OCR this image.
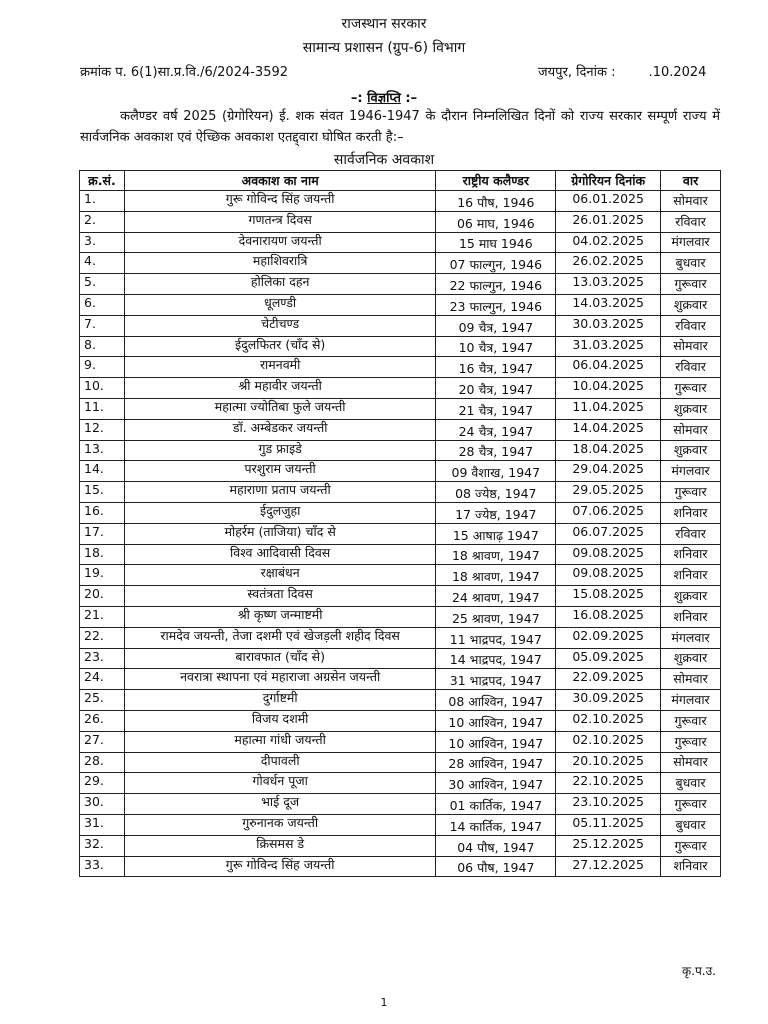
राजस्थान सरकार
सामान्य प्रशासन (ग्रुप-6) विभाग
क्रमांक प. 6(1)सा.प्र.वि./6/2024-3592	जयपुर, दिनांक :        .10.2024
–: विज्ञप्ति :–
कलैण्डर वर्ष 2025 (ग्रेगोरियन) ई. शक संवत 1946-1947 के दौरान निम्नलिखित दिनों को राज्य सरकार सम्पूर्ण राज्य में सार्वजनिक अवकाश एवं ऐच्छिक अवकाश एतद्द्वारा घोषित करती है:–
सार्वजनिक अवकाश
क्र.सं.	अवकाश का नाम	राष्ट्रीय कलैण्डर	ग्रेगोरियन दिनांक	वार
1.	गुरू गोविन्द सिंह जयन्ती	16 पौष, 1946	06.01.2025	सोमवार
2.	गणतन्त्र दिवस	06 माघ, 1946	26.01.2025	रविवार
3.	देवनारायण जयन्ती	15 माघ 1946	04.02.2025	मंगलवार
4.	महाशिवरात्रि	07 फाल्गुन, 1946	26.02.2025	बुधवार
5.	होलिका दहन	22 फाल्गुन, 1946	13.03.2025	गुरूवार
6.	धूलण्डी	23 फाल्गुन, 1946	14.03.2025	शुक्रवार
7.	चेटीचण्ड	09 चैत्र, 1947	30.03.2025	रविवार
8.	ईदुलफितर (चाँद से)	10 चैत्र, 1947	31.03.2025	सोमवार
9.	रामनवमी	16 चैत्र, 1947	06.04.2025	रविवार
10.	श्री महावीर जयन्ती	20 चैत्र, 1947	10.04.2025	गुरूवार
11.	महात्मा ज्योतिबा फुले जयन्ती	21 चैत्र, 1947	11.04.2025	शुक्रवार
12.	डॉ. अम्बेडकर जयन्ती	24 चैत्र, 1947	14.04.2025	सोमवार
13.	गुड फ्राइडे	28 चैत्र, 1947	18.04.2025	शुक्रवार
14.	परशुराम जयन्ती	09 वैशाख, 1947	29.04.2025	मंगलवार
15.	महाराणा प्रताप जयन्ती	08 ज्येष्ठ, 1947	29.05.2025	गुरूवार
16.	ईदुलजुहा	17 ज्येष्ठ, 1947	07.06.2025	शनिवार
17.	मोहर्रम (ताजिया) चाँद से	15 आषाढ़ 1947	06.07.2025	रविवार
18.	विश्व आदिवासी दिवस	18 श्रावण, 1947	09.08.2025	शनिवार
19.	रक्षाबंधन	18 श्रावण, 1947	09.08.2025	शनिवार
20.	स्वतंत्रता दिवस	24 श्रावण, 1947	15.08.2025	शुक्रवार
21.	श्री कृष्ण जन्माष्टमी	25 श्रावण, 1947	16.08.2025	शनिवार
22.	रामदेव जयन्ती, तेजा दशमी एवं खेजड़ली शहीद दिवस	11 भाद्रपद, 1947	02.09.2025	मंगलवार
23.	बारावफात (चाँद से)	14 भाद्रपद, 1947	05.09.2025	शुक्रवार
24.	नवरात्रा स्थापना एवं महाराजा अग्रसेन जयन्ती	31 भाद्रपद, 1947	22.09.2025	सोमवार
25.	दुर्गाष्टमी	08 आश्विन, 1947	30.09.2025	मंगलवार
26.	विजय दशमी	10 आश्विन, 1947	02.10.2025	गुरूवार
27.	महात्मा गांधी जयन्ती	10 आश्विन, 1947	02.10.2025	गुरूवार
28.	दीपावली	28 आश्विन, 1947	20.10.2025	सोमवार
29.	गोवर्धन पूजा	30 आश्विन, 1947	22.10.2025	बुधवार
30.	भाई दूज	01 कार्तिक, 1947	23.10.2025	गुरूवार
31.	गुरुनानक जयन्ती	14 कार्तिक, 1947	05.11.2025	बुधवार
32.	क्रिसमस डे	04 पौष, 1947	25.12.2025	गुरूवार
33.	गुरू गोविन्द सिंह जयन्ती	06 पौष, 1947	27.12.2025	शनिवार
कृ.प.उ.
1
